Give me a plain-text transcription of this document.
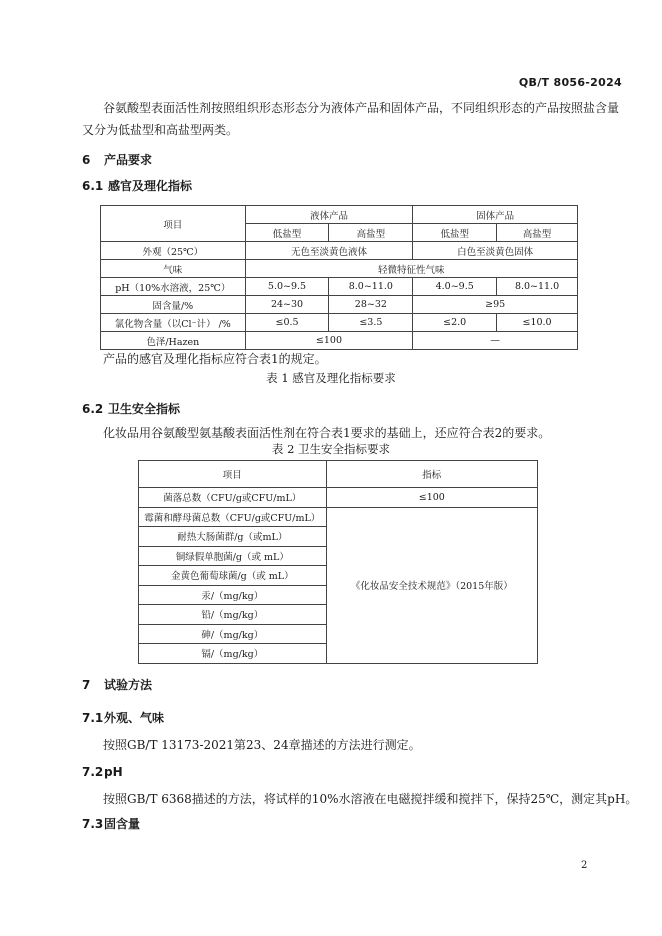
QB/T 8056-2024
谷氨酸型表面活性剂按照组织形态形态分为液体产品和固体产品，不同组织形态的产品按照盐含量
又分为低盐型和高盐型两类。
6 产品要求
6.1 感官及理化指标
项目	液体产品		固体产品	
	低盐型	高盐型	低盐型	高盐型
外观（25℃）	无色至淡黄色液体		白色至淡黄色固体	
气味	轻微特征性气味			
pH（10%水溶液，25℃）	5.0~9.5	8.0~11.0	4.0~9.5	8.0~11.0
固含量/%	24~30	28~32	≥95	
氯化物含量（以Cl⁻计） /%	≤0.5	≤3.5	≤2.0	≤10.0
色泽/Hazen	≤100		—	
产品的感官及理化指标应符合表1的规定。
表 1 感官及理化指标要求
6.2 卫生安全指标
化妆品用谷氨酸型氨基酸表面活性剂在符合表1要求的基础上，还应符合表2的要求。
表 2 卫生安全指标要求
项目	指标
菌落总数（CFU/g或CFU/mL）	≤100
霉菌和酵母菌总数（CFU/g或CFU/mL）	《化妆品安全技术规范》（2015年版）
耐热大肠菌群/g（或mL）	
铜绿假单胞菌/g（或 mL）	
金黄色葡萄球菌/g（或 mL）	
汞/（mg/kg）	
铅/（mg/kg）	
砷/（mg/kg）	
镉/（mg/kg）	
7 试验方法
7.1外观、气味
按照GB/T 13173-2021第23、24章描述的方法进行测定。
7.2pH
按照GB/T 6368描述的方法，将试样的10%水溶液在电磁搅拌缓和搅拌下，保持25℃，测定其pH。
7.3固含量
2
